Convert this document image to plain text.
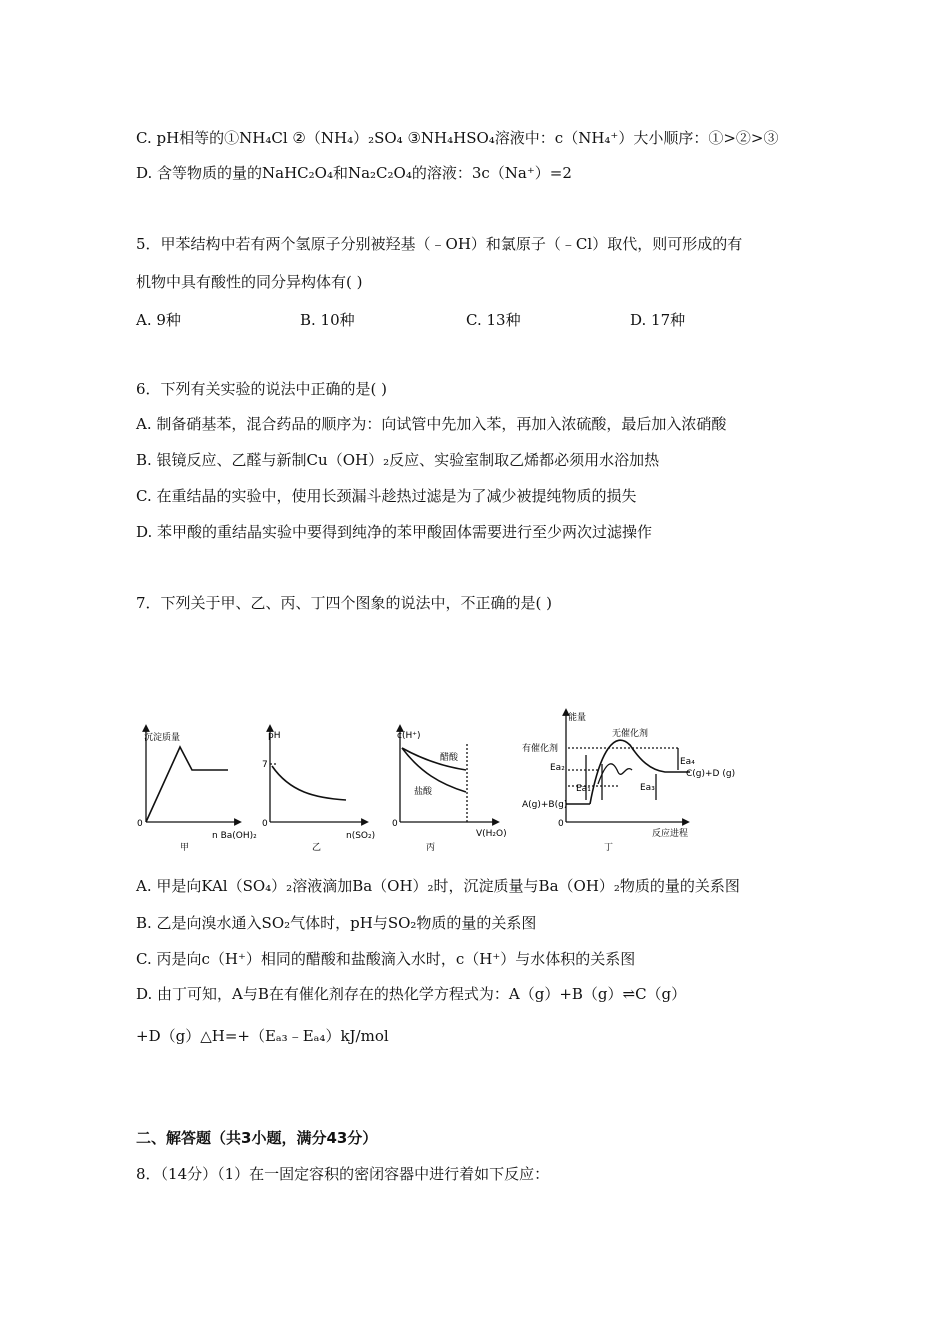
C. pH相等的①NH₄Cl ②（NH₄）₂SO₄ ③NH₄HSO₄溶液中：c（NH₄⁺）大小顺序：①>②>③
D. 含等物质的量的NaHC₂O₄和Na₂C₂O₄的溶液：3c（Na⁺）=2
5．甲苯结构中若有两个氢原子分别被羟基（﹣OH）和氯原子（﹣Cl）取代，则可形成的有
机物中具有酸性的同分异构体有( )
A. 9种	B. 10种	C. 13种	D. 17种
6．下列有关实验的说法中正确的是( )
A. 制备硝基苯，混合药品的顺序为：向试管中先加入苯，再加入浓硫酸，最后加入浓硝酸
B. 银镜反应、乙醛与新制Cu（OH）₂反应、实验室制取乙烯都必须用水浴加热
C. 在重结晶的实验中，使用长颈漏斗趁热过滤是为了减少被提纯物质的损失
D. 苯甲酸的重结晶实验中要得到纯净的苯甲酸固体需要进行至少两次过滤操作
7．下列关于甲、乙、丙、丁四个图象的说法中，不正确的是( )
沉淀质量
0
n Ba(OH)₂
甲
pH
7
0
n(SO₂)
乙
c(H⁺)
醋酸
盐酸
0
V(H₂O)
丙
能量
无催化剂
有催化剂
Ea₂
Ea₄
C(g)+D (g)
Ea₁	Ea₃
A(g)+B(g)
0
反应进程
丁
A. 甲是向KAl（SO₄）₂溶液滴加Ba（OH）₂时，沉淀质量与Ba（OH）₂物质的量的关系图
B. 乙是向溴水通入SO₂气体时，pH与SO₂物质的量的关系图
C. 丙是向c（H⁺）相同的醋酸和盐酸滴入水时，c（H⁺）与水体积的关系图
D. 由丁可知，A与B在有催化剂存在的热化学方程式为：A（g）+B（g）⇌C（g）
+D（g）△H=+（Eₐ₃﹣Eₐ₄）kJ/mol
二、解答题（共3小题，满分43分）
8．（14分）（1）在一固定容积的密闭容器中进行着如下反应：
